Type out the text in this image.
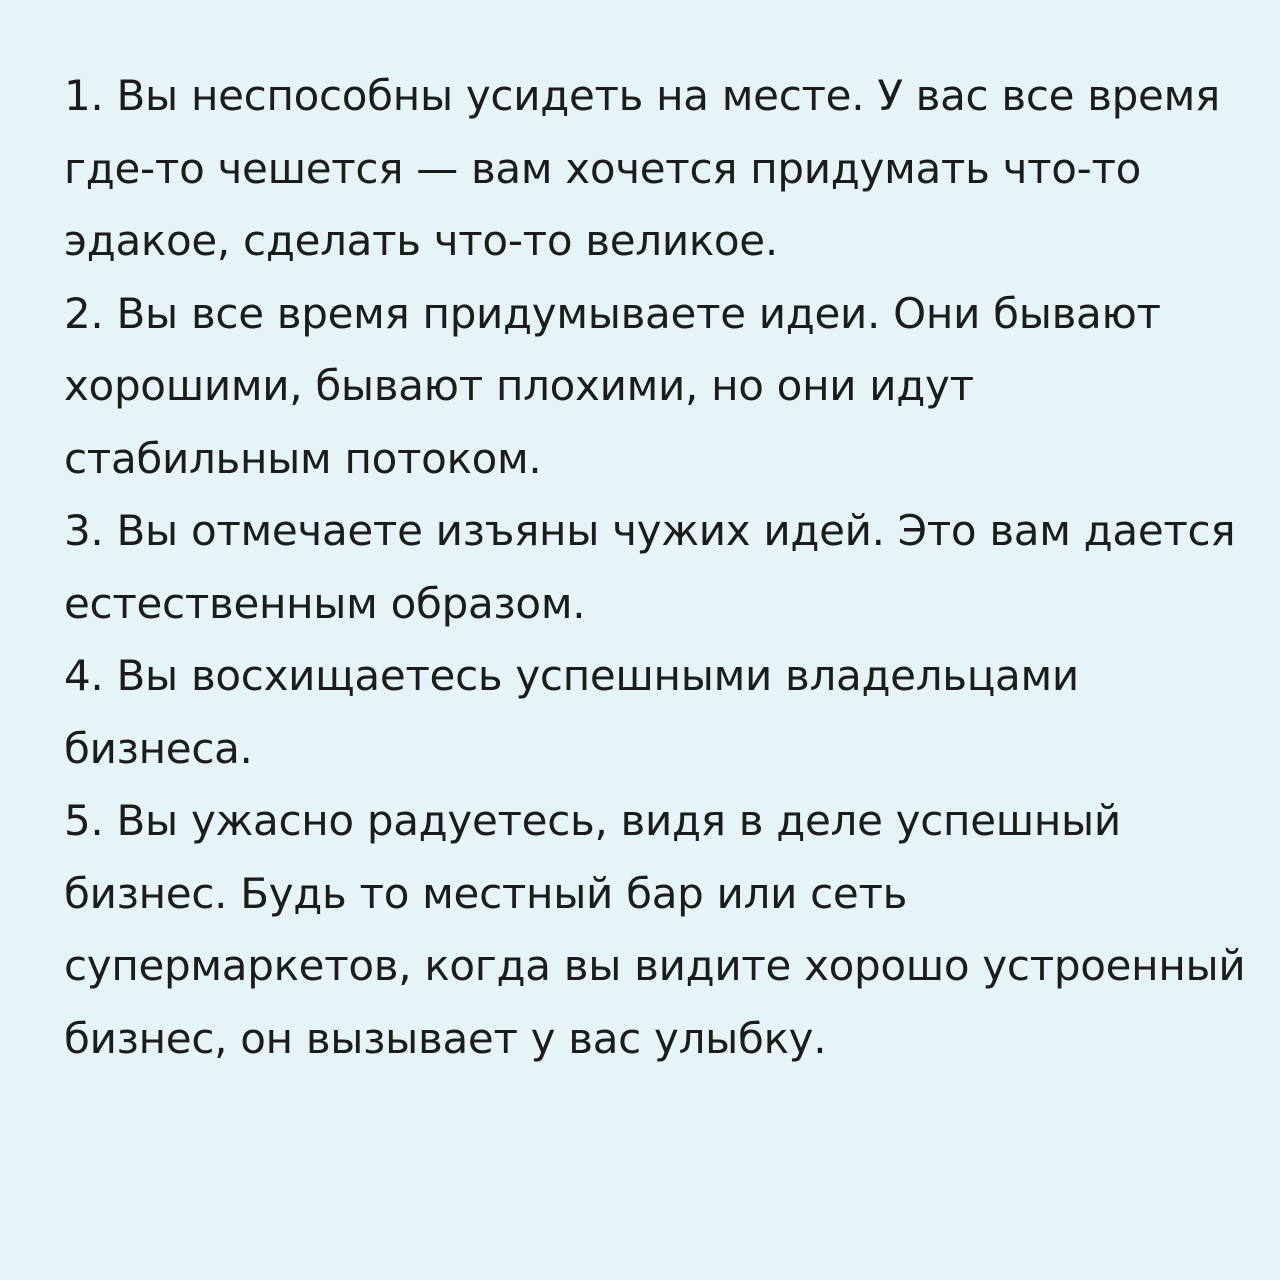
1. Вы неспособны усидеть на месте. У вас все время где-то чешется — вам хочется придумать что-то эдакое, сделать что-то великое.

2. Вы все время придумываете идеи. Они бывают хорошими, бывают плохими, но они идут стабильным потоком.

3. Вы отмечаете изъяны чужих идей. Это вам дается естественным образом.

4. Вы восхищаетесь успешными владельцами бизнеса.

5. Вы ужасно радуетесь, видя в деле успешный бизнес. Будь то местный бар или сеть супермаркетов, когда вы видите хорошо устроенный бизнес, он вызывает у вас улыбку.
